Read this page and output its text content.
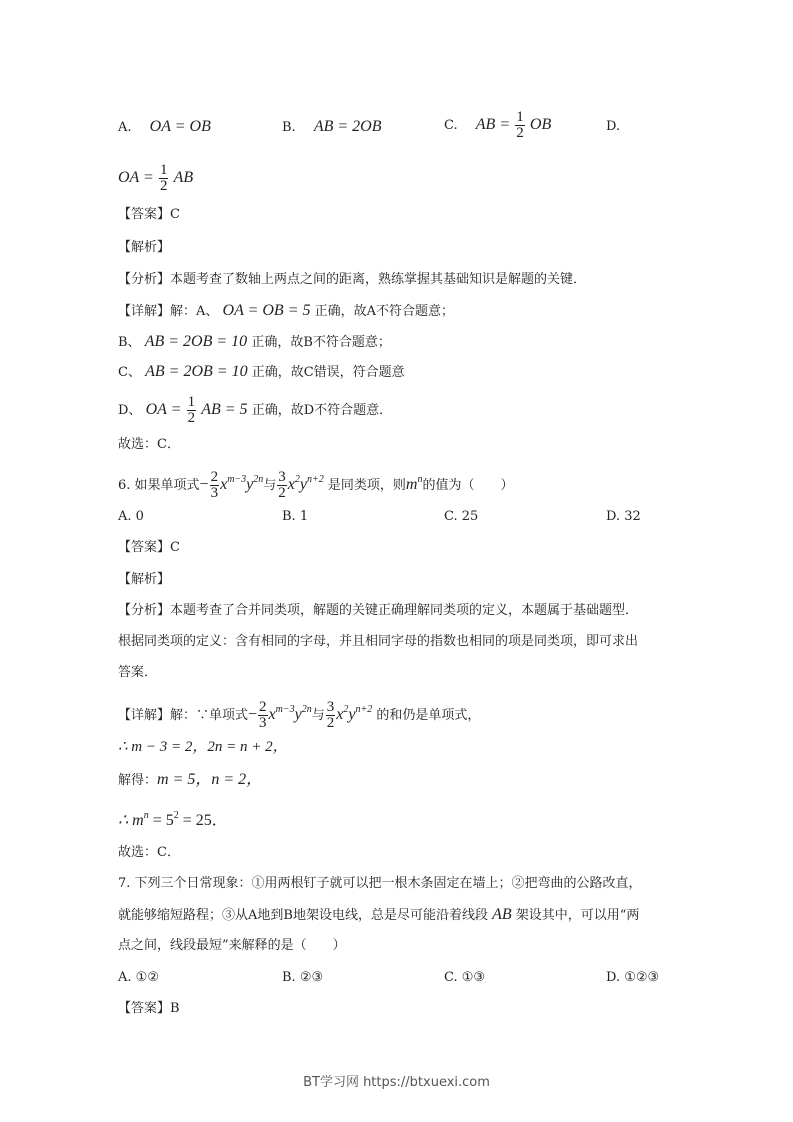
A. OA = OB	B. AB = 2OB	C. AB = $\frac{1}{2}$ OB	D.
OA = $\frac{1}{2}$ AB
【答案】C
【解析】
【分析】本题考查了数轴上两点之间的距离，熟练掌握其基础知识是解题的关键．
【详解】解：A、 OA = OB = 5 正确，故A不符合题意；
B、 AB = 2OB = 10 正确，故B不符合题意；
C、 AB = 2OB = 10 正确，故C错误，符合题意
D、 OA = $\frac{1}{2}$ AB = 5 正确，故D不符合题意．
故选：C．
6. 如果单项式− $\frac{2}{3} x^{m-3}y^{2n}$与 $\frac{3}{2} x^2y^{n+2}$ 是同类项，则$m^n$的值为（　　）
A. 0	B. 1	C. 25	D. 32
【答案】C
【解析】
【分析】本题考查了合并同类项，解题的关键正确理解同类项的定义，本题属于基础题型．
根据同类项的定义：含有相同的字母，并且相同字母的指数也相同的项是同类项，即可求出
答案．
【详解】解：∵单项式− $\frac{2}{3} x^{m-3}y^{2n}$与 $\frac{3}{2} x^2y^{n+2}$ 的和仍是单项式，
∴ m − 3 = 2，2n = n + 2，
解得：m = 5，n = 2，
∴ $m^n = 5^2 = 25$．
故选：C．
7. 下列三个日常现象：①用两根钉子就可以把一根木条固定在墙上；②把弯曲的公路改直，
就能够缩短路程；③从A地到B地架设电线，总是尽可能沿着线段 AB 架设其中，可以用“两
点之间，线段最短”来解释的是（　　）
A. ①②	B. ②③	C. ①③	D. ①②③
【答案】B
BT学习网 https://btxuexi.com
